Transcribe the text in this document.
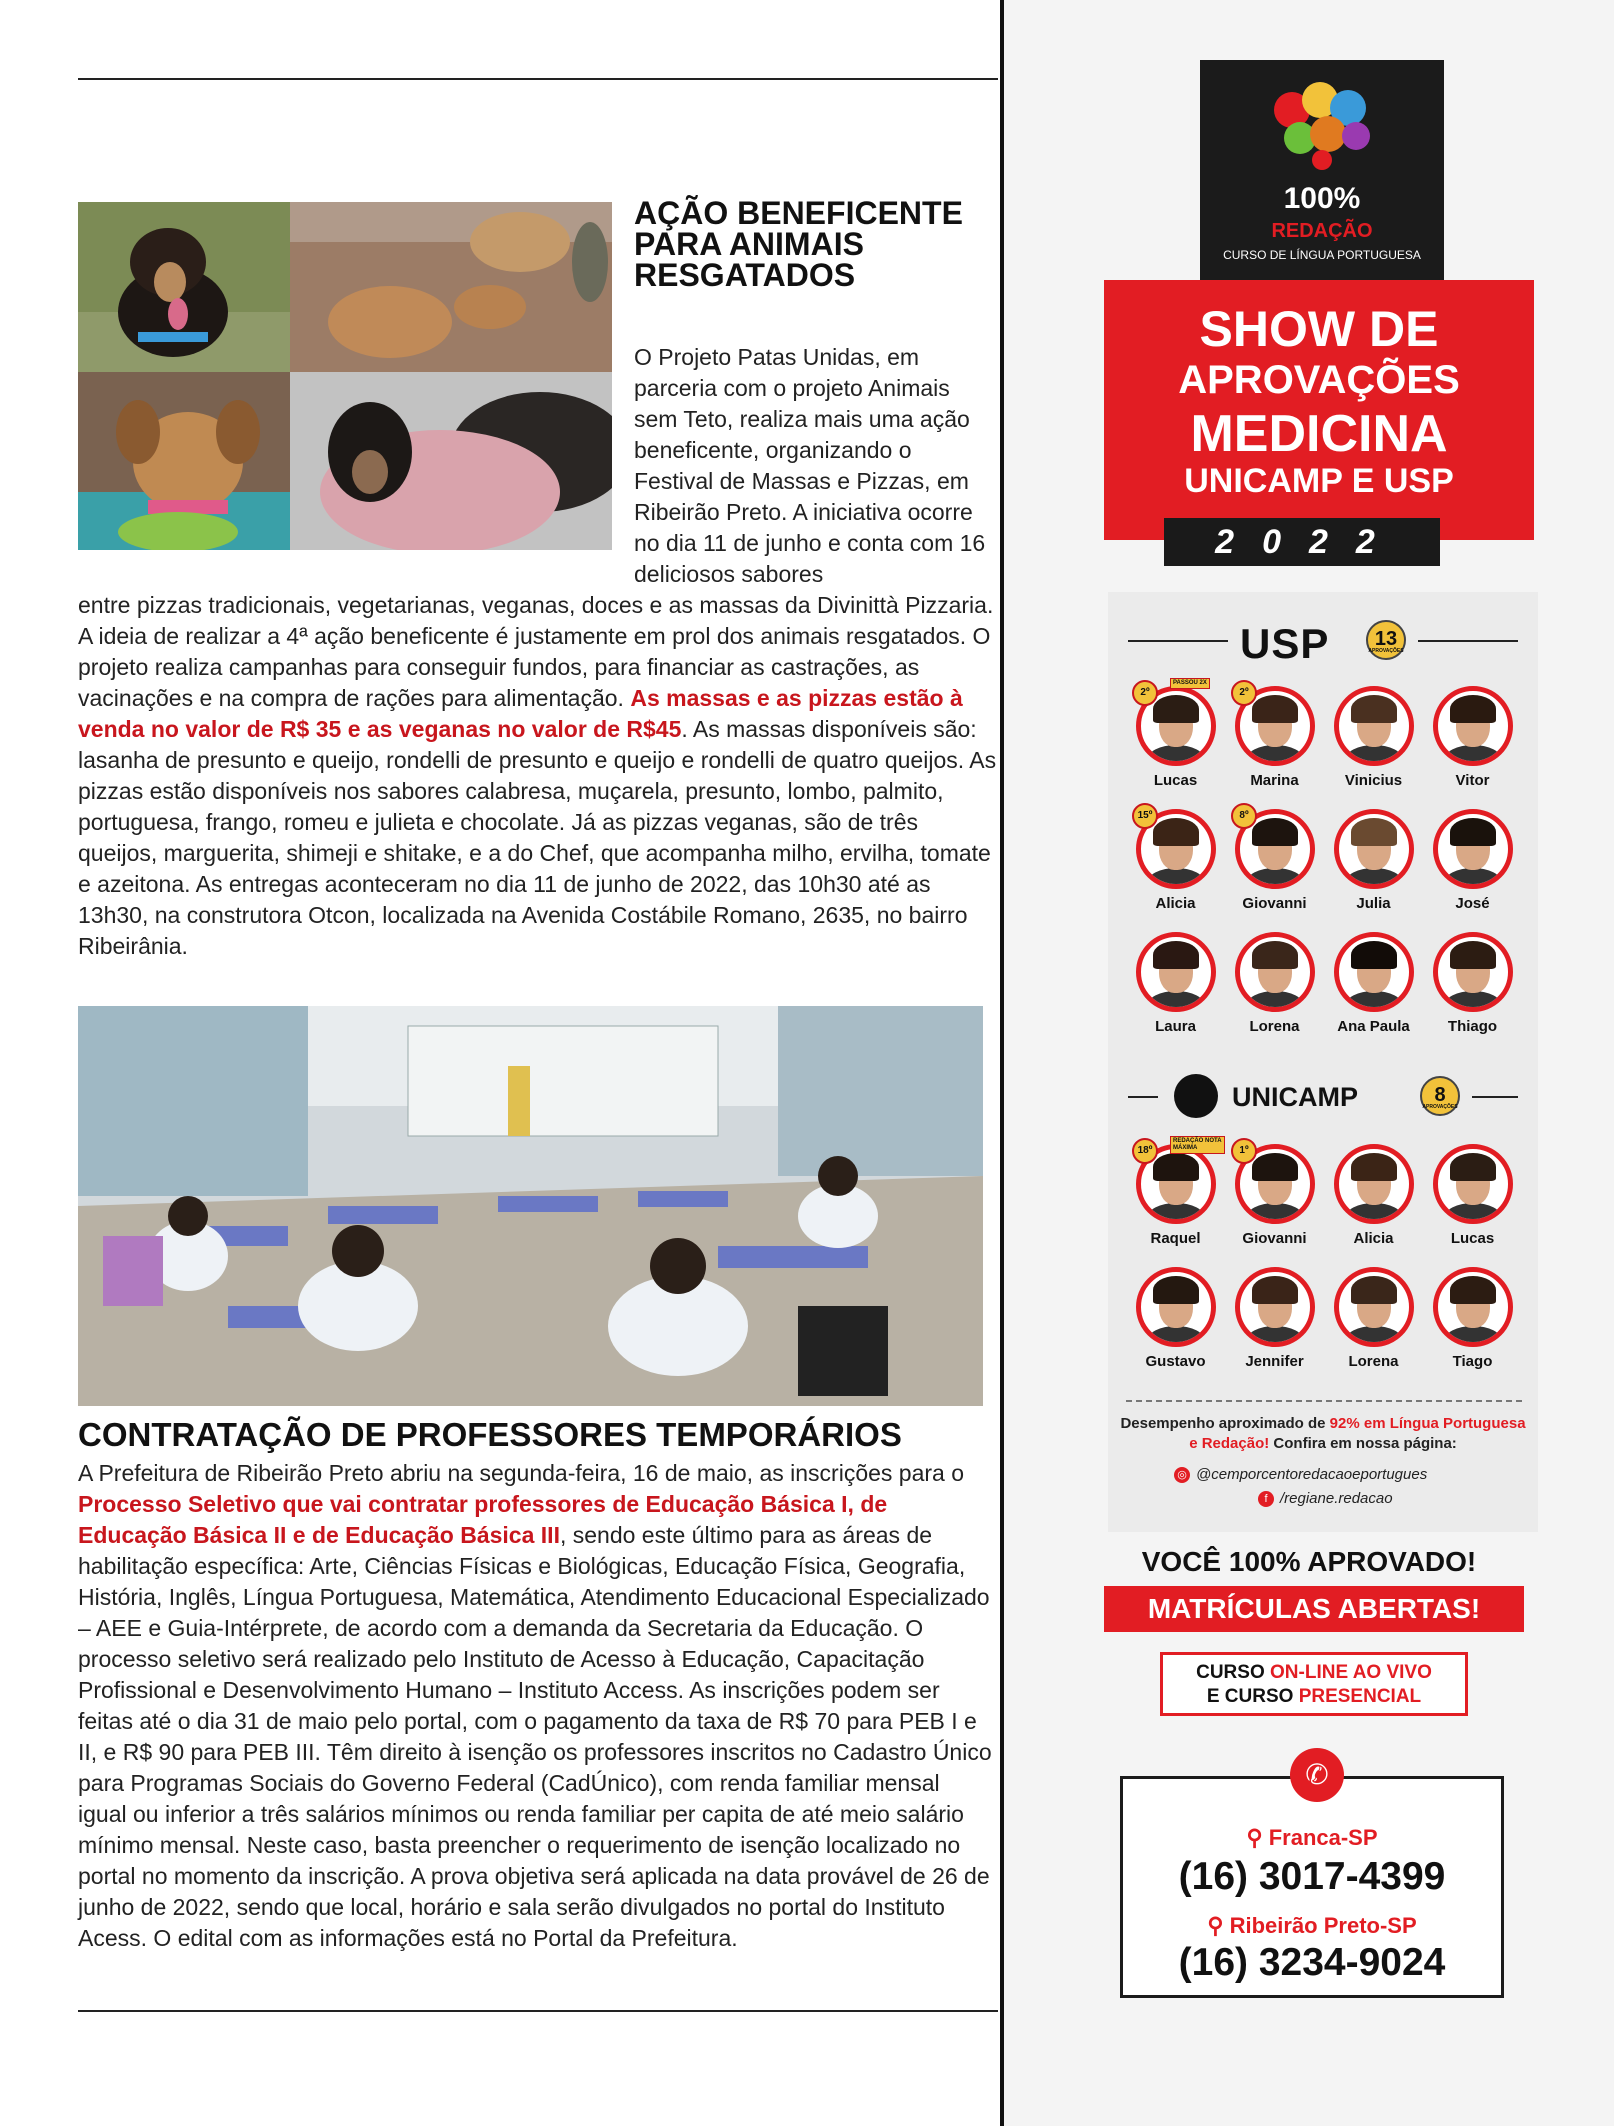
AÇÃO BENEFICENTE PARA ANIMAIS RESGATADOS
O Projeto Patas Unidas, em parceria com o projeto Animais sem Teto, realiza mais uma ação beneficente, organizando o Festival de Massas e Pizzas, em Ribeirão Preto. A iniciativa ocorre no dia 11 de junho e conta com 16 deliciosos sabores
entre pizzas tradicionais, vegetarianas, veganas, doces e as massas da Divinittà Pizzaria. A ideia de realizar a 4ª ação beneficente é justamente em prol dos animais resgatados. O projeto realiza campanhas para conseguir fundos, para financiar as castrações, as vacinações e na compra de rações para alimentação. As massas e as pizzas estão à venda no valor de R$ 35 e as veganas no valor de R$45. As massas disponíveis são: lasanha de presunto e queijo, rondelli de presunto e queijo e rondelli de quatro queijos. As pizzas estão disponíveis nos sabores calabresa, muçarela, presunto, lombo, palmito, portuguesa, frango, romeu e julieta e chocolate. Já as pizzas veganas, são de três queijos, marguerita, shimeji e shitake, e a do Chef, que acompanha milho, ervilha, tomate e azeitona. As entregas aconteceram no dia 11 de junho de 2022, das 10h30 até as 13h30, na construtora Otcon, localizada na Avenida Costábile Romano, 2635, no bairro Ribeirânia.
CONTRATAÇÃO DE PROFESSORES TEMPORÁRIOS
A Prefeitura de Ribeirão Preto abriu na segunda-feira, 16 de maio, as inscrições para o Processo Seletivo que vai contratar professores de Educação Básica I, de Educação Básica II e de Educação Básica III, sendo este último para as áreas de habilitação específica: Arte, Ciências Físicas e Biológicas, Educação Física, Geografia, História, Inglês, Língua Portuguesa, Matemática, Atendimento Educacional Especializado – AEE e Guia-Intérprete, de acordo com a demanda da Secretaria da Educação. O processo seletivo será realizado pelo Instituto de Acesso à Educação, Capacitação Profissional e Desenvolvimento Humano – Instituto Access. As inscrições podem ser feitas até o dia 31 de maio pelo portal, com o pagamento da taxa de R$ 70 para PEB I e II, e R$ 90 para PEB III. Têm direito à isenção os professores inscritos no Cadastro Único para Programas Sociais do Governo Federal (CadÚnico), com renda familiar mensal igual ou inferior a três salários mínimos ou renda familiar per capita de até meio salário mínimo mensal. Neste caso, basta preencher o requerimento de isenção localizado no portal no momento da inscrição. A prova objetiva será aplicada na data provável de 26 de junho de 2022, sendo que local, horário e sala serão divulgados no portal do Instituto Acess. O edital com as informações está no Portal da Prefeitura.
100%
REDAÇÃO
CURSO DE LÍNGUA PORTUGUESA
SHOW DE
APROVAÇÕES
MEDICINA
UNICAMP E USP
2022
USP	13
APROVAÇÕES
2º
PASSOU 2X
Lucas
2º
Marina	Vinicius	Vitor
15º
Alicia
8º
Giovanni	Julia	José
Laura	Lorena	Ana Paula	Thiago
UNICAMP	8
APROVAÇÕES
18º
REDAÇÃO NOTA MÁXIMA
Raquel
1º
Giovanni	Alicia	Lucas
Gustavo	Jennifer	Lorena	Tiago
Desempenho aproximado de 92% em Língua Portuguesa e Redação! Confira em nossa página:
◎ @cemporcentoredacaoeportugues
f /regiane.redacao
VOCÊ 100% APROVADO!
MATRÍCULAS ABERTAS!
CURSO ON-LINE AO VIVO
E CURSO PRESENCIAL
⚲ Franca-SP
(16) 3017-4399
⚲ Ribeirão Preto-SP
(16) 3234-9024
✆
